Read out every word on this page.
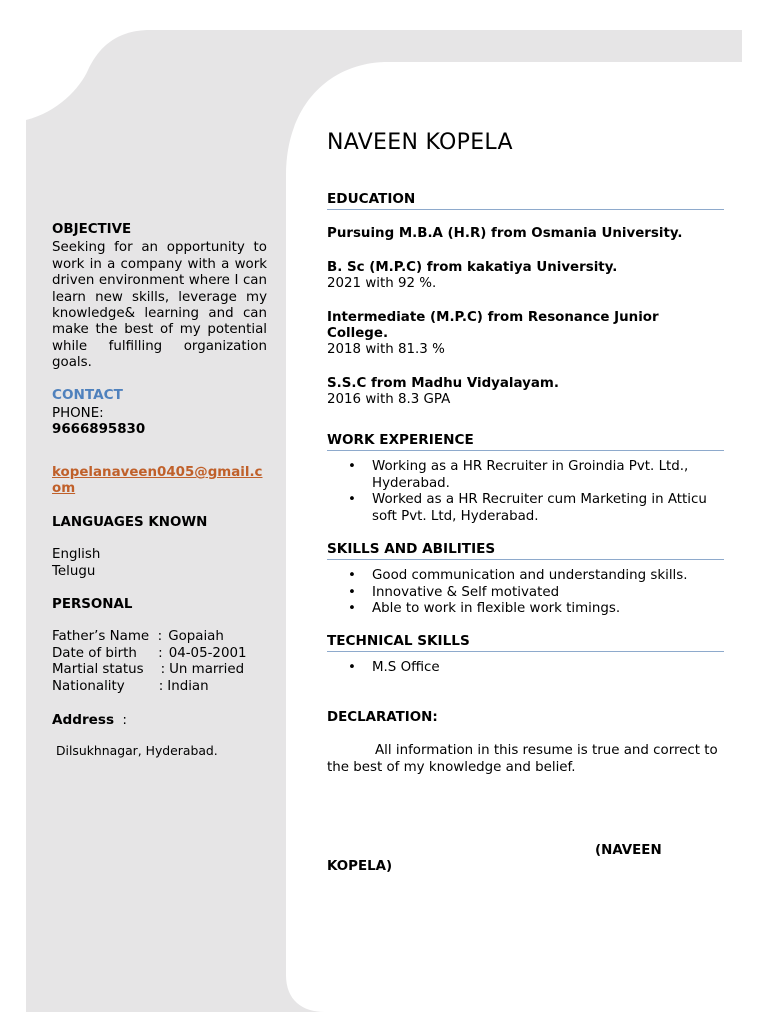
OBJECTIVE
Seeking for an opportunity to work in a company with a work driven environment where I can learn new skills, leverage my knowledge& learning and can make the best of my potential while fulfilling organization goals.
CONTACT
PHONE:
9666895830
kopelanaveen0405@gmail.com
LANGUAGES KNOWN
English
Telugu
PERSONAL
Father’s Name  : Gopaiah
Date of birth     : 04-05-2001
Martial status    : Un married
Nationality        : Indian
Address :
Dilsukhnagar, Hyderabad.
NAVEEN KOPELA
EDUCATION
Pursuing M.B.A (H.R) from Osmania University.
B. Sc (M.P.C) from kakatiya University.
2021 with 92 %.
Intermediate (M.P.C) from Resonance Junior College.
2018 with 81.3 %
S.S.C from Madhu Vidyalayam.
2016 with 8.3 GPA
WORK EXPERIENCE
• Working as a HR Recruiter in Groindia Pvt. Ltd., Hyderabad.
• Worked as a HR Recruiter cum Marketing in Atticu soft Pvt. Ltd, Hyderabad.
SKILLS AND ABILITIES
• Good communication and understanding skills.
• Innovative & Self motivated
• Able to work in flexible work timings.
TECHNICAL SKILLS
• M.S Office
DECLARATION:
All information in this resume is true and correct to the best of my knowledge and belief.
(NAVEEN KOPELA)
